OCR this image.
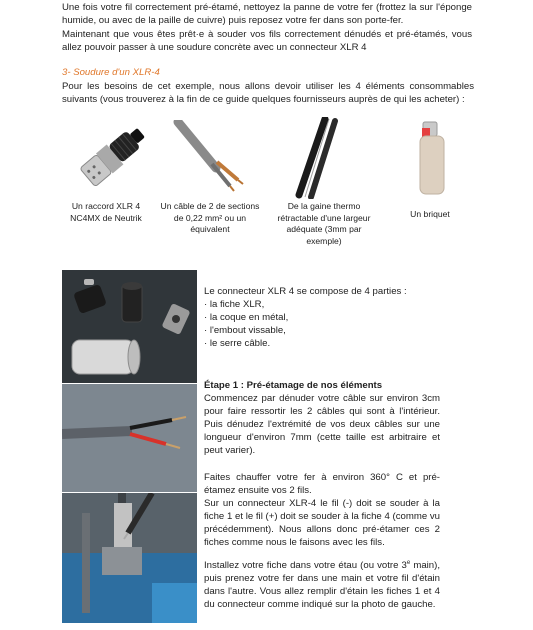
Une fois votre fil correctement pré-étamé, nettoyez la panne de votre fer (frottez la sur l'éponge humide, ou avec de la paille de cuivre) puis reposez votre fer dans son porte-fer.
Maintenant que vous êtes prêt·e à souder vos fils correctement dénudés et pré-étamés, vous allez pouvoir passer à une soudure concrète avec un connecteur XLR 4
3- Soudure d'un XLR-4
Pour les besoins de cet exemple, nous allons devoir utiliser les 4 éléments consommables suivants (vous trouverez à la fin de ce guide quelques fournisseurs auprès de qui les acheter) :
Un raccord XLR 4 NC4MX de Neutrik
Un câble de 2 de sections de 0,22 mm² ou un équivalent
De la gaine thermo rétractable d'une largeur adéquate (3mm par exemple)
Un briquet
Le connecteur XLR 4 se compose de 4 parties :
· la fiche XLR,
· la coque en métal,
· l'embout vissable,
· le serre câble.
Étape 1 : Pré-étamage de nos éléments
Commencez par dénuder votre câble sur environ 3cm pour faire ressortir les 2 câbles qui sont à l'intérieur. Puis dénudez l'extrémité de vos deux câbles sur une longueur d'environ 7mm (cette taille est arbitraire et peut varier).
Faites chauffer votre fer à environ 360° C et pré-étamez ensuite vos 2 fils.
Sur un connecteur XLR-4 le fil (-) doit se souder à la fiche 1 et le fil (+) doit se souder à la fiche 4 (comme vu précédemment). Nous allons donc pré-étamer ces 2 fiches comme nous le faisons avec les fils.
Installez votre fiche dans votre étau (ou votre 3e main), puis prenez votre fer dans une main et votre fil d'étain dans l'autre. Vous allez remplir d'étain les fiches 1 et 4 du connecteur comme indiqué sur la photo de gauche.
